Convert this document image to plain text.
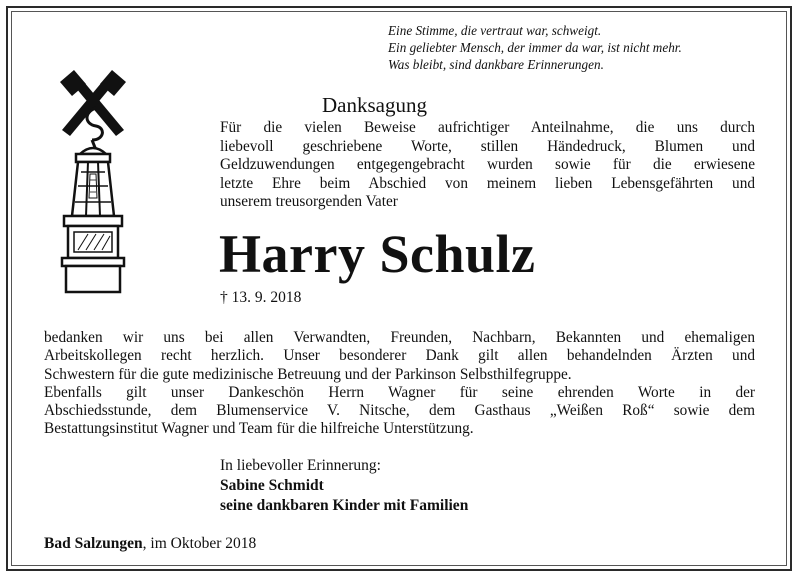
Eine Stimme, die vertraut war, schweigt.
Ein geliebter Mensch, der immer da war, ist nicht mehr.
Was bleibt, sind dankbare Erinnerungen.
Danksagung
Für die vielen Beweise aufrichtiger Anteilnahme, die uns durch
liebevoll geschriebene Worte, stillen Händedruck, Blumen und
Geldzuwendungen entgegengebracht wurden sowie für die erwiesene
letzte Ehre beim Abschied von meinem lieben Lebensgefährten und
unserem treusorgenden Vater
Harry Schulz
† 13. 9. 2018
bedanken wir uns bei allen Verwandten, Freunden, Nachbarn, Bekannten und ehemaligen
Arbeitskollegen recht herzlich. Unser besonderer Dank gilt allen behandelnden Ärzten und
Schwestern für die gute medizinische Betreuung und der Parkinson Selbsthilfegruppe.
Ebenfalls gilt unser Dankeschön Herrn Wagner für seine ehrenden Worte in der
Abschiedsstunde, dem Blumenservice V. Nitsche, dem Gasthaus „Weißen Roß“ sowie dem
Bestattungsinstitut Wagner und Team für die hilfreiche Unterstützung.
In liebevoller Erinnerung:
Sabine Schmidt
seine dankbaren Kinder mit Familien
Bad Salzungen, im Oktober 2018
